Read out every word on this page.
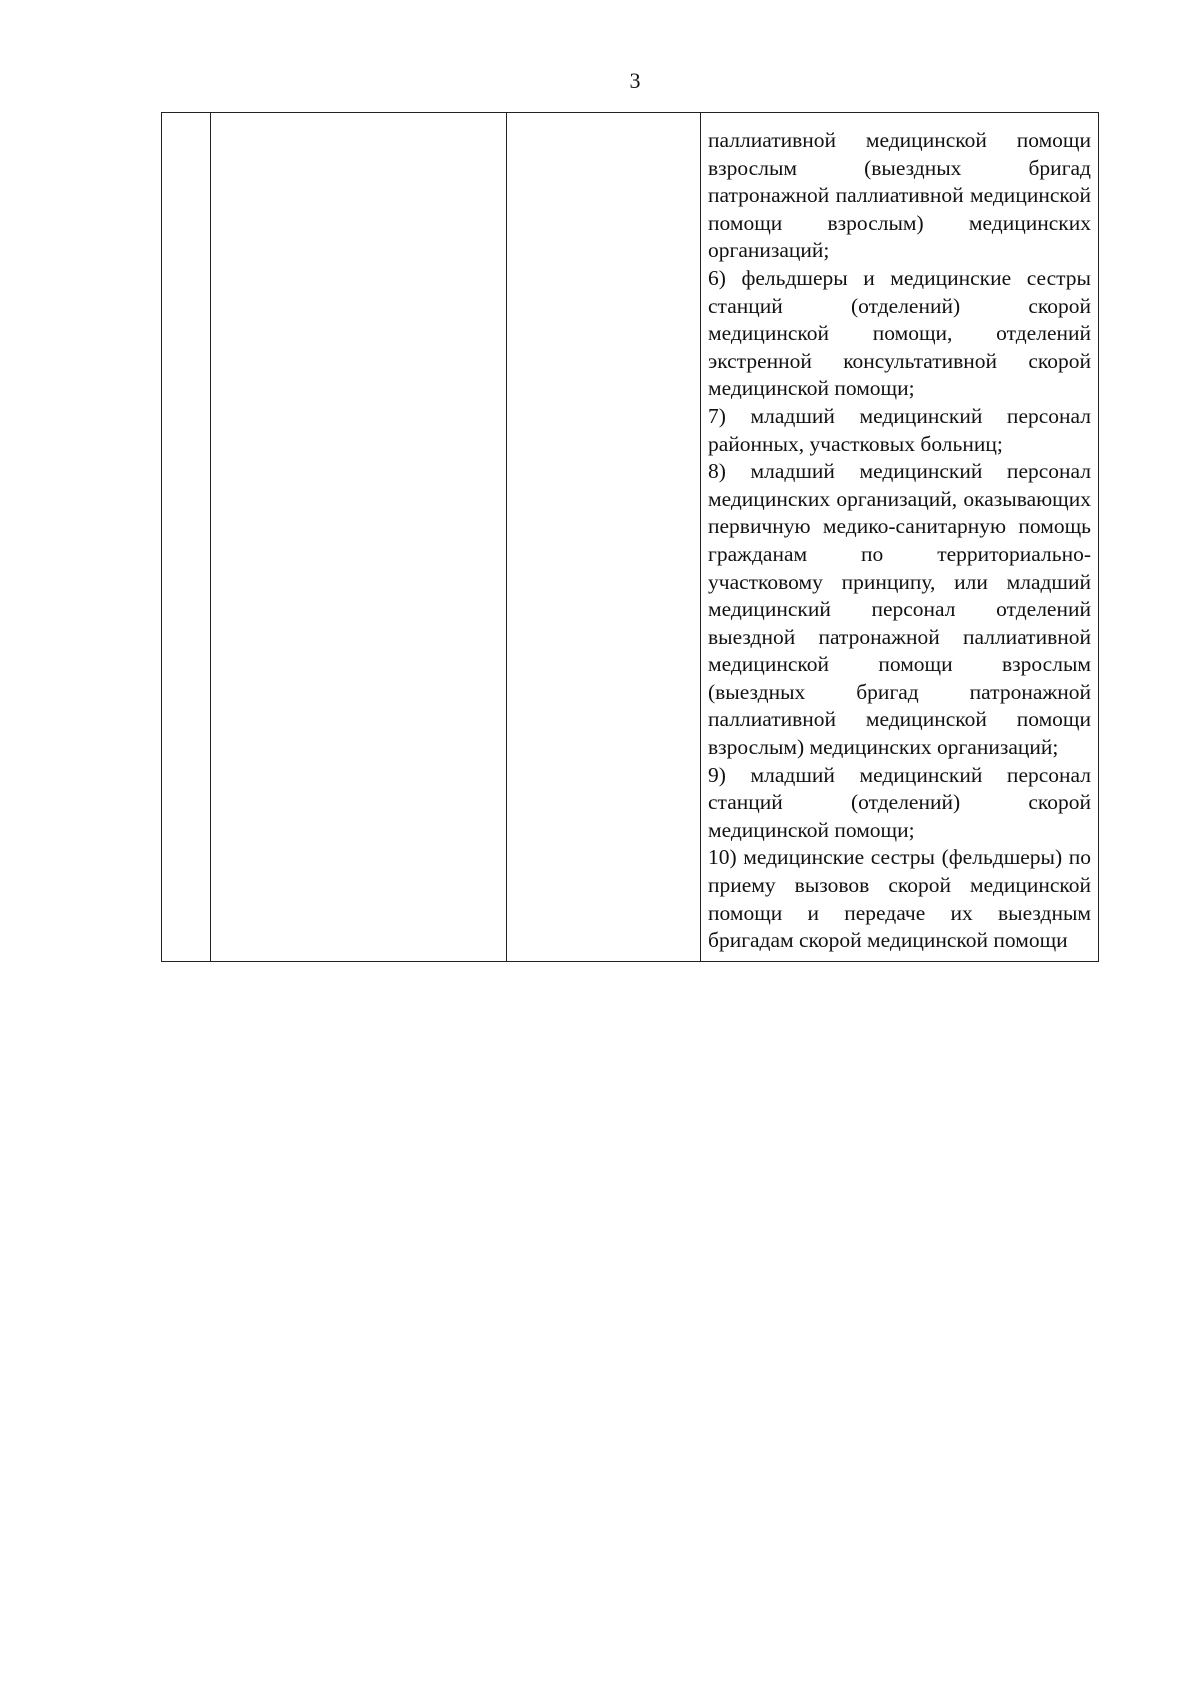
3

паллиативной медицинской помощи взрослым (выездных бригад патронажной паллиативной медицинской помощи взрослым) медицинских организаций;
6) фельдшеры и медицинские сестры станций (отделений) скорой медицинской помощи, отделений экстренной консультативной скорой медицинской помощи;
7) младший медицинский персонал районных, участковых больниц;
8) младший медицинский персонал медицинских организаций, оказывающих первичную медико-санитарную помощь гражданам по территориально-участковому принципу, или младший медицинский персонал отделений выездной патронажной паллиативной медицинской помощи взрослым (выездных бригад патронажной паллиативной медицинской помощи взрослым) медицинских организаций;
9) младший медицинский персонал станций (отделений) скорой медицинской помощи;
10) медицинские сестры (фельдшеры) по приему вызовов скорой медицинской помощи и передаче их выездным бригадам скорой медицинской помощи
